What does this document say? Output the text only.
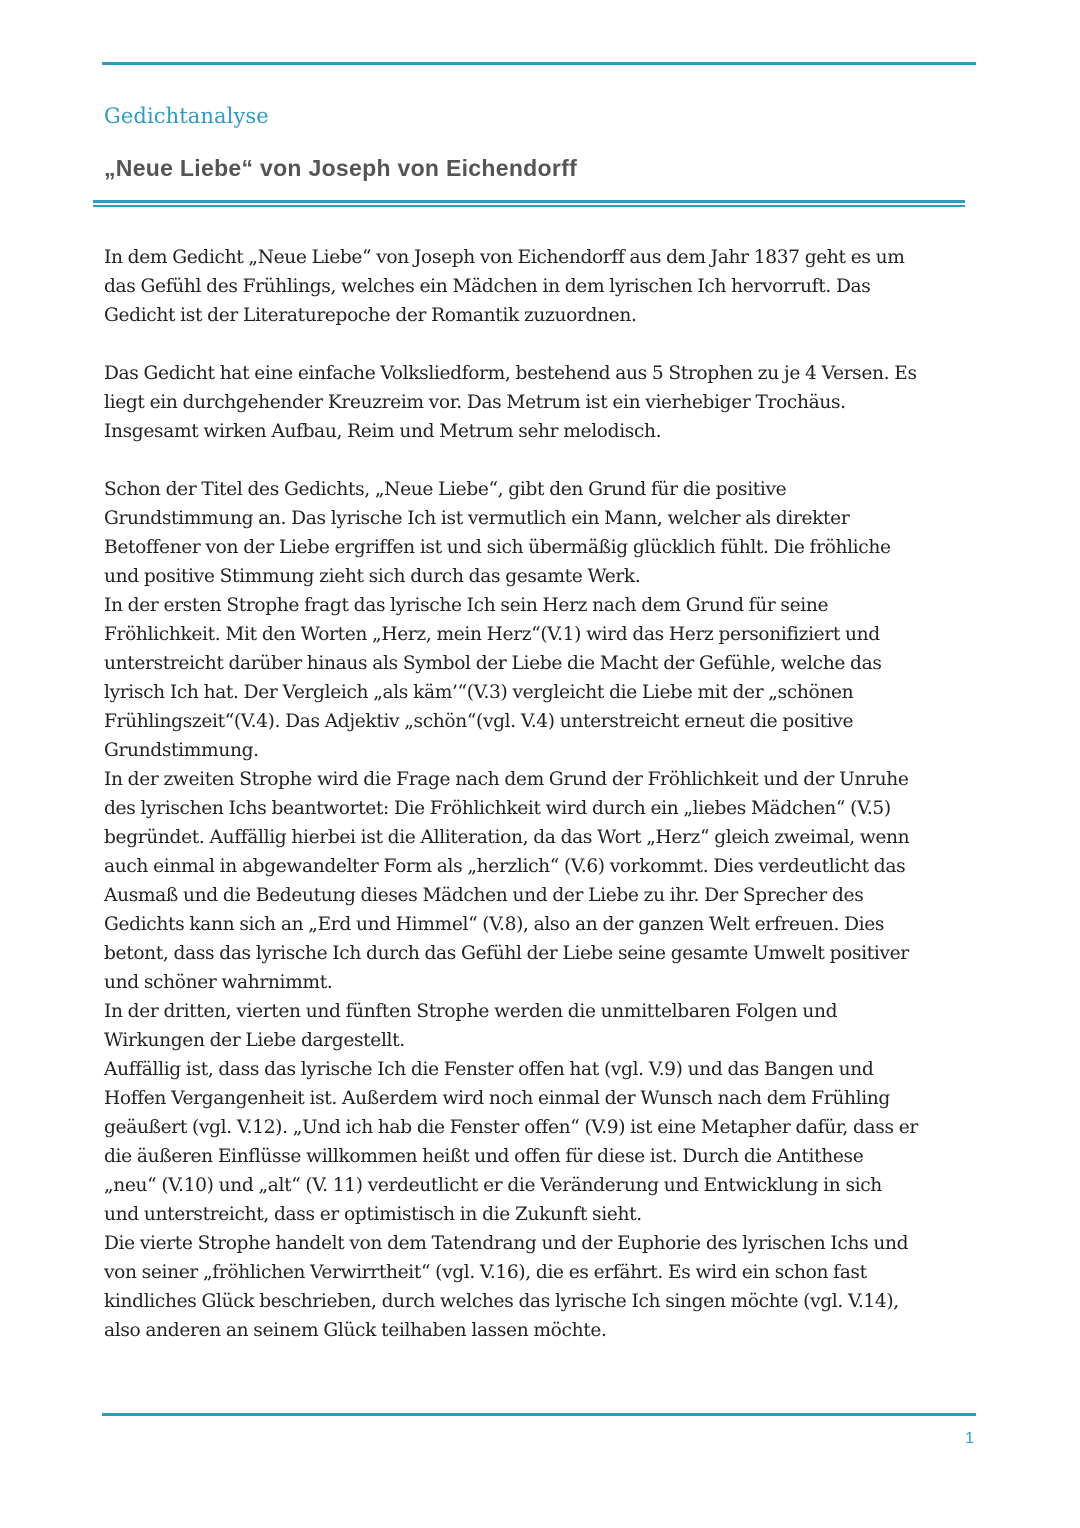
Gedichtanalyse
„Neue Liebe“ von Joseph von Eichendorff
In dem Gedicht „Neue Liebe“ von Joseph von Eichendorff aus dem Jahr 1837 geht es um
das Gefühl des Frühlings, welches ein Mädchen in dem lyrischen Ich hervorruft. Das
Gedicht ist der Literaturepoche der Romantik zuzuordnen.
Das Gedicht hat eine einfache Volksliedform, bestehend aus 5 Strophen zu je 4 Versen. Es
liegt ein durchgehender Kreuzreim vor. Das Metrum ist ein vierhebiger Trochäus.
Insgesamt wirken Aufbau, Reim und Metrum sehr melodisch.
Schon der Titel des Gedichts, „Neue Liebe“, gibt den Grund für die positive
Grundstimmung an. Das lyrische Ich ist vermutlich ein Mann, welcher als direkter
Betoffener von der Liebe ergriffen ist und sich übermäßig glücklich fühlt. Die fröhliche
und positive Stimmung zieht sich durch das gesamte Werk.
In der ersten Strophe fragt das lyrische Ich sein Herz nach dem Grund für seine
Fröhlichkeit. Mit den Worten „Herz, mein Herz“(V.1) wird das Herz personifiziert und
unterstreicht darüber hinaus als Symbol der Liebe die Macht der Gefühle, welche das
lyrisch Ich hat. Der Vergleich „als käm’“(V.3) vergleicht die Liebe mit der „schönen
Frühlingszeit“(V.4). Das Adjektiv „schön“(vgl. V.4) unterstreicht erneut die positive
Grundstimmung.
In der zweiten Strophe wird die Frage nach dem Grund der Fröhlichkeit und der Unruhe
des lyrischen Ichs beantwortet: Die Fröhlichkeit wird durch ein „liebes Mädchen“ (V.5)
begründet. Auffällig hierbei ist die Alliteration, da das Wort „Herz“ gleich zweimal, wenn
auch einmal in abgewandelter Form als „herzlich“ (V.6) vorkommt. Dies verdeutlicht das
Ausmaß und die Bedeutung dieses Mädchen und der Liebe zu ihr. Der Sprecher des
Gedichts kann sich an „Erd und Himmel“ (V.8), also an der ganzen Welt erfreuen. Dies
betont, dass das lyrische Ich durch das Gefühl der Liebe seine gesamte Umwelt positiver
und schöner wahrnimmt.
In der dritten, vierten und fünften Strophe werden die unmittelbaren Folgen und
Wirkungen der Liebe dargestellt.
Auffällig ist, dass das lyrische Ich die Fenster offen hat (vgl. V.9) und das Bangen und
Hoffen Vergangenheit ist. Außerdem wird noch einmal der Wunsch nach dem Frühling
geäußert (vgl. V.12). „Und ich hab die Fenster offen“ (V.9) ist eine Metapher dafür, dass er
die äußeren Einflüsse willkommen heißt und offen für diese ist. Durch die Antithese
„neu“ (V.10) und „alt“ (V. 11) verdeutlicht er die Veränderung und Entwicklung in sich
und unterstreicht, dass er optimistisch in die Zukunft sieht.
Die vierte Strophe handelt von dem Tatendrang und der Euphorie des lyrischen Ichs und
von seiner „fröhlichen Verwirrtheit“ (vgl. V.16), die es erfährt. Es wird ein schon fast
kindliches Glück beschrieben, durch welches das lyrische Ich singen möchte (vgl. V.14),
also anderen an seinem Glück teilhaben lassen möchte.
1
